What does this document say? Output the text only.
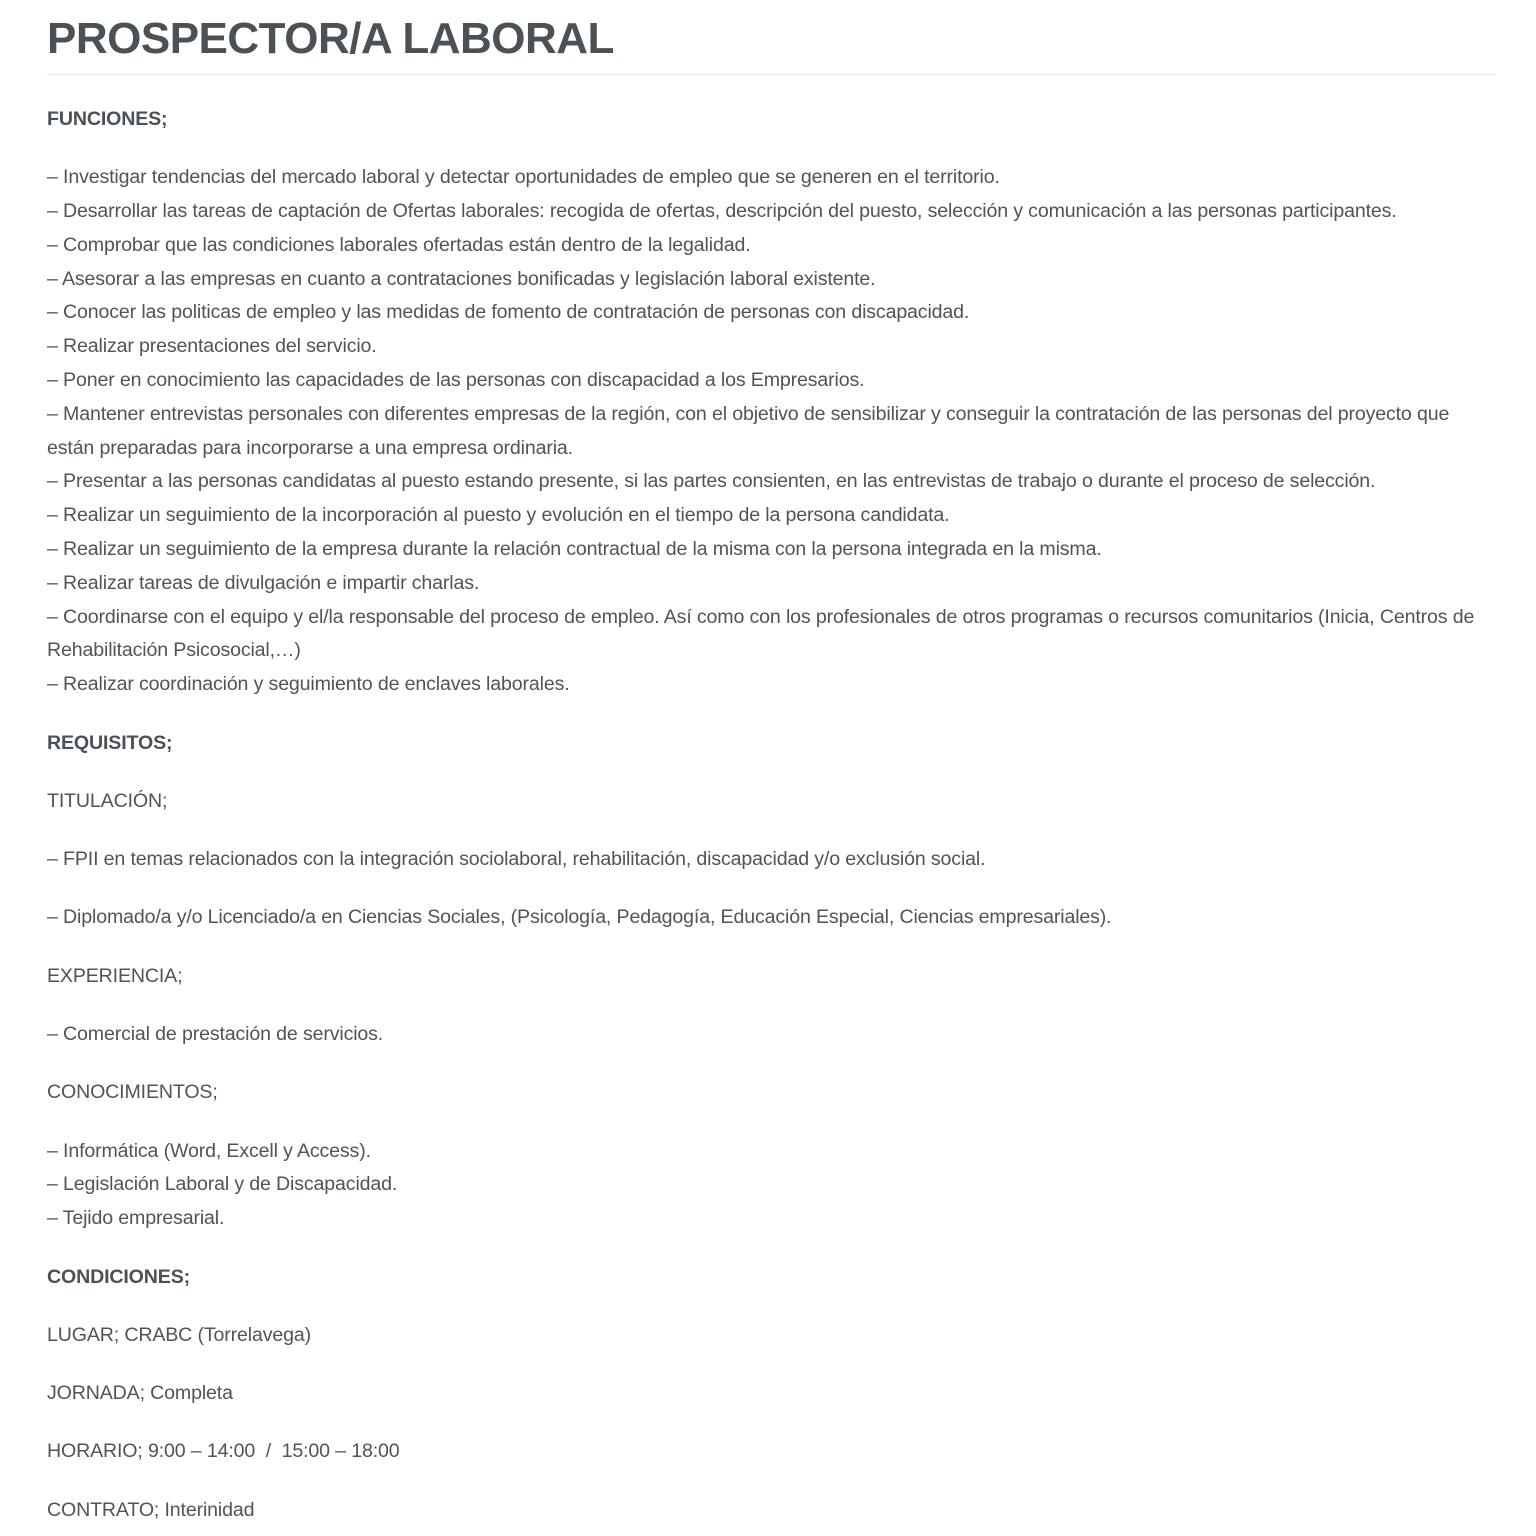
PROSPECTOR/A LABORAL

FUNCIONES;

– Investigar tendencias del mercado laboral y detectar oportunidades de empleo que se generen en el territorio.

– Desarrollar las tareas de captación de Ofertas laborales: recogida de ofertas, descripción del puesto, selección y comunicación a las personas participantes.

– Comprobar que las condiciones laborales ofertadas están dentro de la legalidad.

– Asesorar a las empresas en cuanto a contrataciones bonificadas y legislación laboral existente.

– Conocer las politicas de empleo y las medidas de fomento de contratación de personas con discapacidad.

– Realizar presentaciones del servicio.

– Poner en conocimiento las capacidades de las personas con discapacidad a los Empresarios.

– Mantener entrevistas personales con diferentes empresas de la región, con el objetivo de sensibilizar y conseguir la contratación de las personas del proyecto que están preparadas para incorporarse a una empresa ordinaria.

– Presentar a las personas candidatas al puesto estando presente, si las partes consienten, en las entrevistas de trabajo o durante el proceso de selección.

– Realizar un seguimiento de la incorporación al puesto y evolución en el tiempo de la persona candidata.

– Realizar un seguimiento de la empresa durante la relación contractual de la misma con la persona integrada en la misma.

– Realizar tareas de divulgación e impartir charlas.

– Coordinarse con el equipo y el/la responsable del proceso de empleo. Así como con los profesionales de otros programas o recursos comunitarios (Inicia, Centros de Rehabilitación Psicosocial,…)

– Realizar coordinación y seguimiento de enclaves laborales.

REQUISITOS;

TITULACIÓN;

– FPII en temas relacionados con la integración sociolaboral, rehabilitación, discapacidad y/o exclusión social.

– Diplomado/a y/o Licenciado/a en Ciencias Sociales, (Psicología, Pedagogía, Educación Especial, Ciencias empresariales).

EXPERIENCIA;

– Comercial de prestación de servicios.

CONOCIMIENTOS;

– Informática (Word, Excell y Access).

– Legislación Laboral y de Discapacidad.

– Tejido empresarial.

CONDICIONES;

LUGAR; CRABC (Torrelavega)

JORNADA; Completa

HORARIO; 9:00 – 14:00  /  15:00 – 18:00

CONTRATO; Interinidad
